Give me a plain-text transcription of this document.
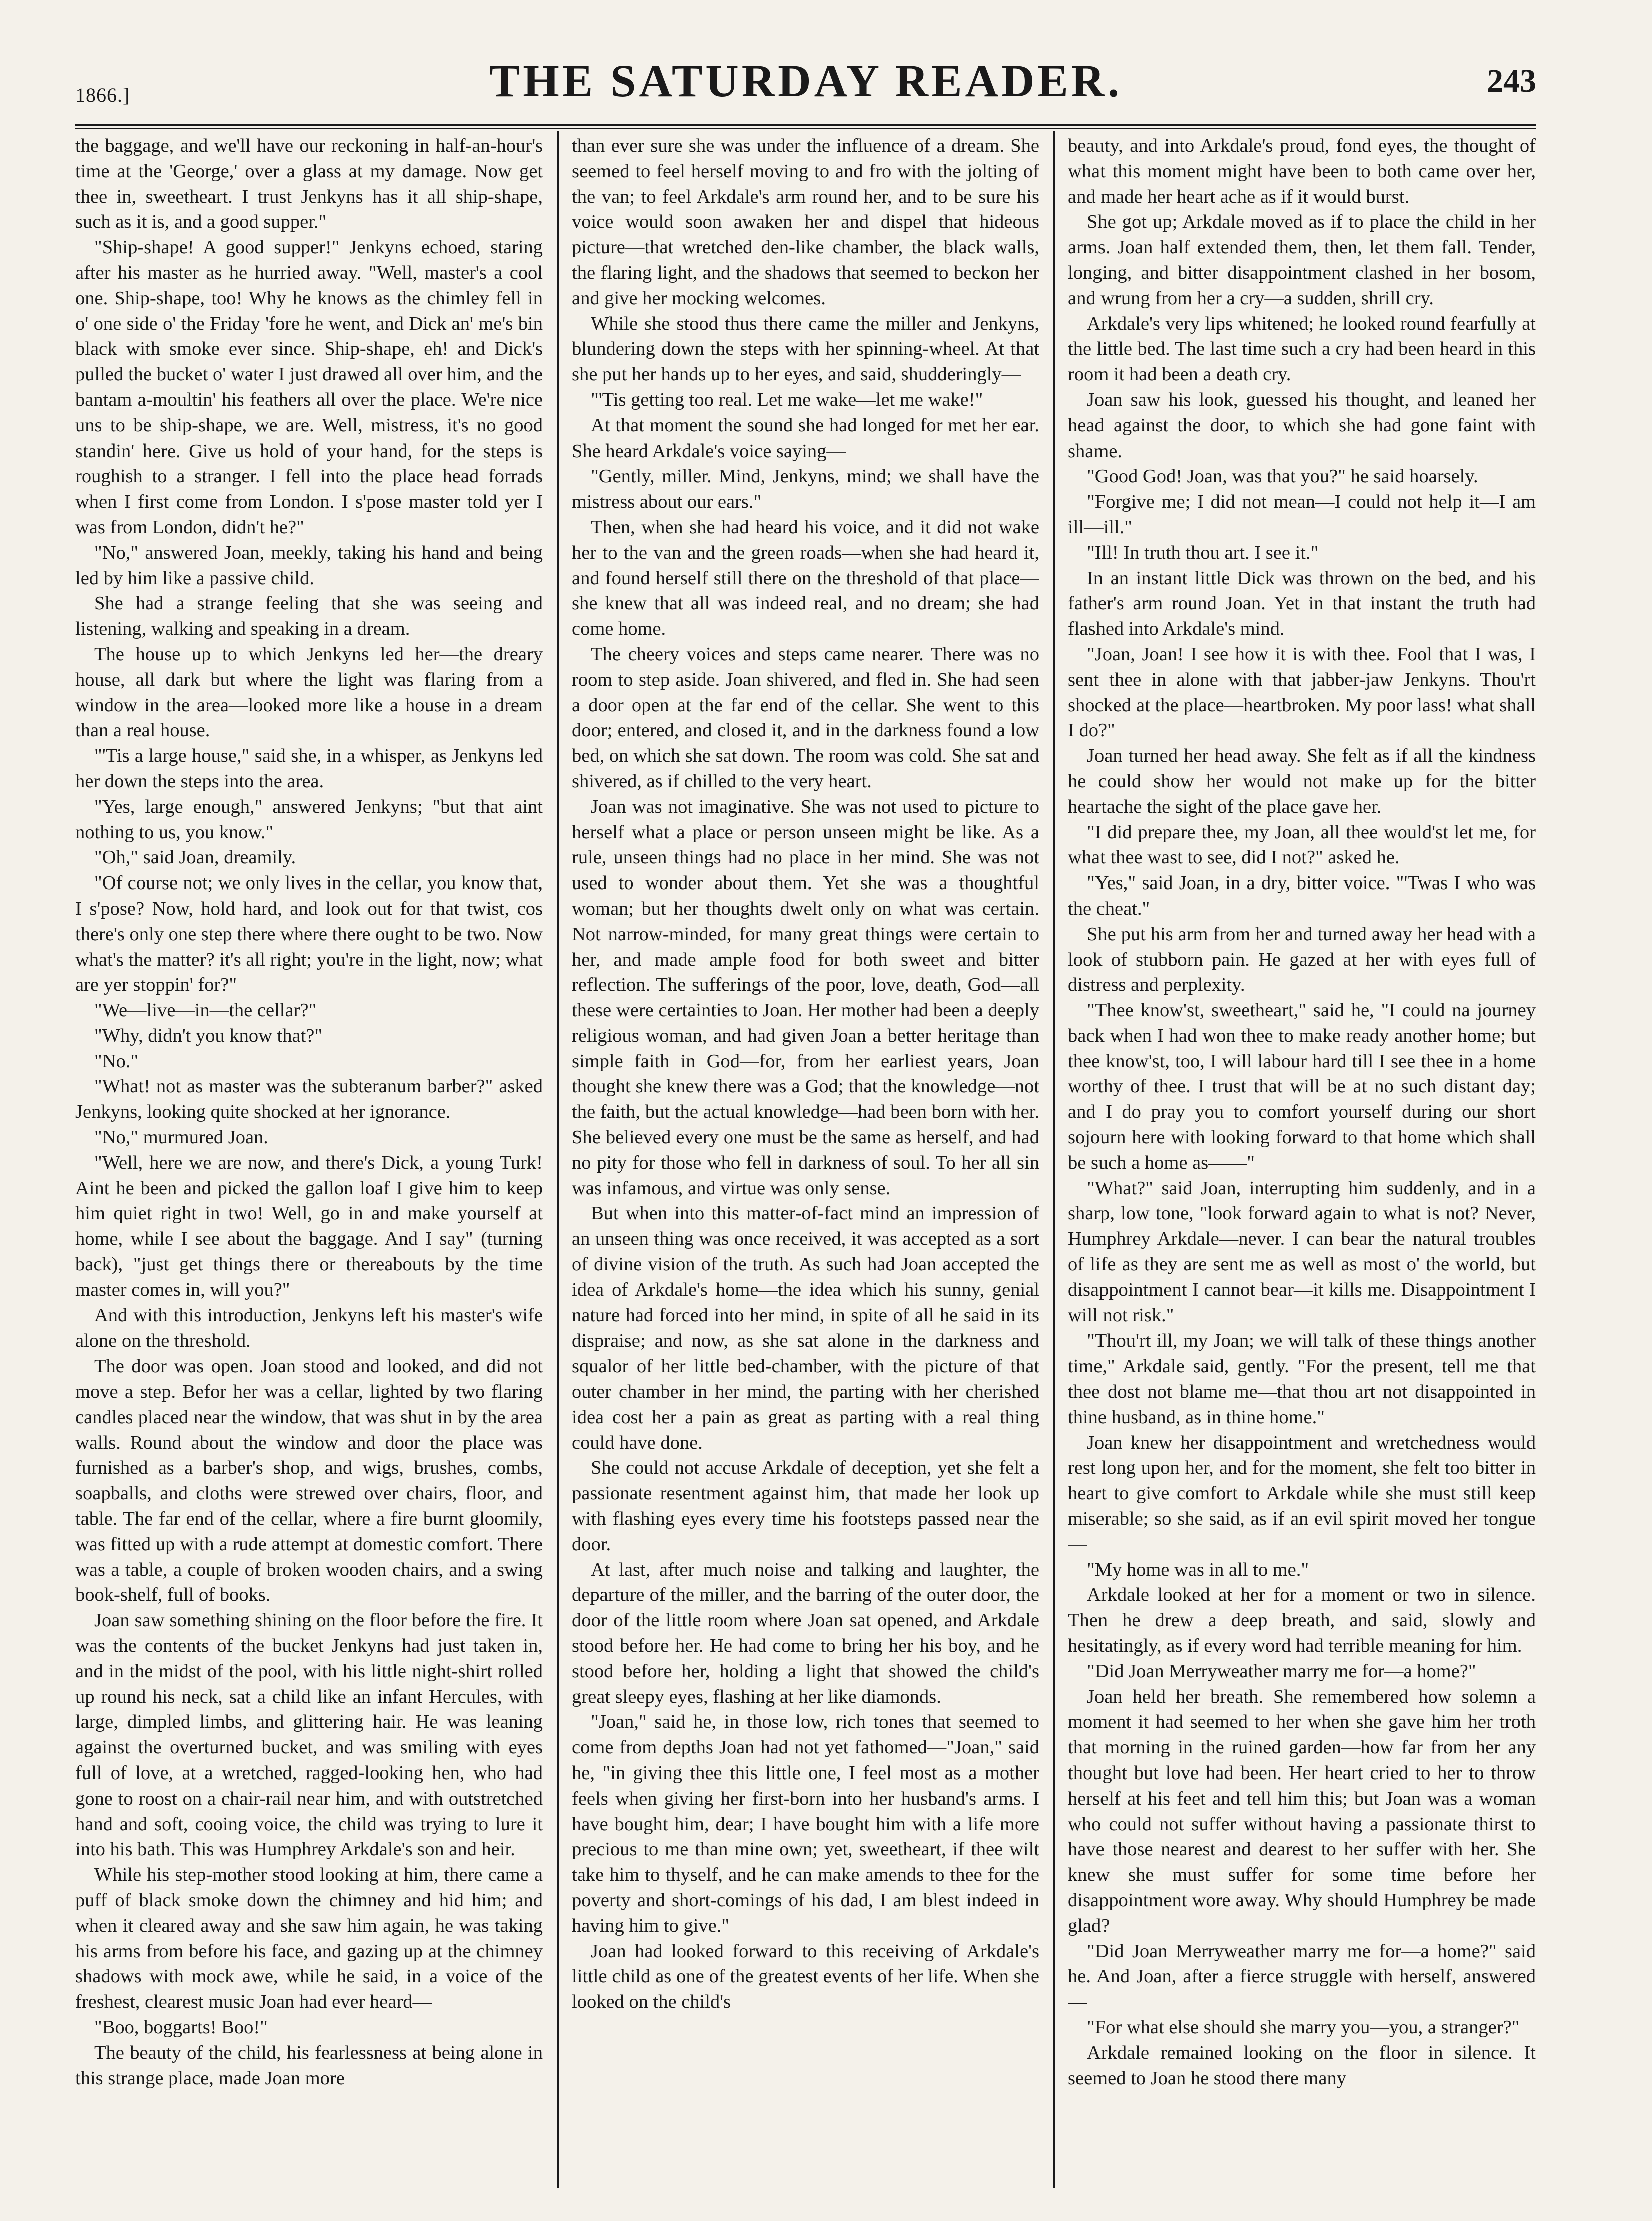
1866.]	THE SATURDAY READER.	243

the baggage, and we'll have our reckoning in half-an-hour's time at the 'George,' over a glass at my damage. Now get thee in, sweetheart. I trust Jenkyns has it all ship-shape, such as it is, and a good supper."

"Ship-shape! A good supper!" Jenkyns echoed, staring after his master as he hurried away. "Well, master's a cool one. Ship-shape, too! Why he knows as the chimley fell in o' one side o' the Friday 'fore he went, and Dick an' me's bin black with smoke ever since. Ship-shape, eh! and Dick's pulled the bucket o' water I just drawed all over him, and the bantam a-moultin' his feathers all over the place. We're nice uns to be ship-shape, we are. Well, mistress, it's no good standin' here. Give us hold of your hand, for the steps is roughish to a stranger. I fell into the place head forrads when I first come from London. I s'pose master told yer I was from London, didn't he?"

"No," answered Joan, meekly, taking his hand and being led by him like a passive child.

She had a strange feeling that she was seeing and listening, walking and speaking in a dream.

The house up to which Jenkyns led her—the dreary house, all dark but where the light was flaring from a window in the area—looked more like a house in a dream than a real house.

"'Tis a large house," said she, in a whisper, as Jenkyns led her down the steps into the area.

"Yes, large enough," answered Jenkyns; "but that aint nothing to us, you know."

"Oh," said Joan, dreamily.

"Of course not; we only lives in the cellar, you know that, I s'pose? Now, hold hard, and look out for that twist, cos there's only one step there where there ought to be two. Now what's the matter? it's all right; you're in the light, now; what are yer stoppin' for?"

"We—live—in—the cellar?"

"Why, didn't you know that?"

"No."

"What! not as master was the subteranum barber?" asked Jenkyns, looking quite shocked at her ignorance.

"No," murmured Joan.

"Well, here we are now, and there's Dick, a young Turk! Aint he been and picked the gallon loaf I give him to keep him quiet right in two! Well, go in and make yourself at home, while I see about the baggage. And I say" (turning back), "just get things there or thereabouts by the time master comes in, will you?"

And with this introduction, Jenkyns left his master's wife alone on the threshold.

The door was open. Joan stood and looked, and did not move a step. Befor her was a cellar, lighted by two flaring candles placed near the window, that was shut in by the area walls. Round about the window and door the place was furnished as a barber's shop, and wigs, brushes, combs, soapballs, and cloths were strewed over chairs, floor, and table. The far end of the cellar, where a fire burnt gloomily, was fitted up with a rude attempt at domestic comfort. There was a table, a couple of broken wooden chairs, and a swing book-shelf, full of books.

Joan saw something shining on the floor before the fire. It was the contents of the bucket Jenkyns had just taken in, and in the midst of the pool, with his little night-shirt rolled up round his neck, sat a child like an infant Hercules, with large, dimpled limbs, and glittering hair. He was leaning against the overturned bucket, and was smiling with eyes full of love, at a wretched, ragged-looking hen, who had gone to roost on a chair-rail near him, and with outstretched hand and soft, cooing voice, the child was trying to lure it into his bath. This was Humphrey Arkdale's son and heir.

While his step-mother stood looking at him, there came a puff of black smoke down the chimney and hid him; and when it cleared away and she saw him again, he was taking his arms from before his face, and gazing up at the chimney shadows with mock awe, while he said, in a voice of the freshest, clearest music Joan had ever heard—

"Boo, boggarts! Boo!"

The beauty of the child, his fearlessness at being alone in this strange place, made Joan more

than ever sure she was under the influence of a dream. She seemed to feel herself moving to and fro with the jolting of the van; to feel Arkdale's arm round her, and to be sure his voice would soon awaken her and dispel that hideous picture—that wretched den-like chamber, the black walls, the flaring light, and the shadows that seemed to beckon her and give her mocking welcomes.

While she stood thus there came the miller and Jenkyns, blundering down the steps with her spinning-wheel. At that she put her hands up to her eyes, and said, shudderingly—

"'Tis getting too real. Let me wake—let me wake!"

At that moment the sound she had longed for met her ear. She heard Arkdale's voice saying—

"Gently, miller. Mind, Jenkyns, mind; we shall have the mistress about our ears."

Then, when she had heard his voice, and it did not wake her to the van and the green roads—when she had heard it, and found herself still there on the threshold of that place—she knew that all was indeed real, and no dream; she had come home.

The cheery voices and steps came nearer. There was no room to step aside. Joan shivered, and fled in. She had seen a door open at the far end of the cellar. She went to this door; entered, and closed it, and in the darkness found a low bed, on which she sat down. The room was cold. She sat and shivered, as if chilled to the very heart.

Joan was not imaginative. She was not used to picture to herself what a place or person unseen might be like. As a rule, unseen things had no place in her mind. She was not used to wonder about them. Yet she was a thoughtful woman; but her thoughts dwelt only on what was certain. Not narrow-minded, for many great things were certain to her, and made ample food for both sweet and bitter reflection. The sufferings of the poor, love, death, God—all these were certainties to Joan. Her mother had been a deeply religious woman, and had given Joan a better heritage than simple faith in God—for, from her earliest years, Joan thought she knew there was a God; that the knowledge—not the faith, but the actual knowledge—had been born with her. She believed every one must be the same as herself, and had no pity for those who fell in darkness of soul. To her all sin was infamous, and virtue was only sense.

But when into this matter-of-fact mind an impression of an unseen thing was once received, it was accepted as a sort of divine vision of the truth. As such had Joan accepted the idea of Arkdale's home—the idea which his sunny, genial nature had forced into her mind, in spite of all he said in its dispraise; and now, as she sat alone in the darkness and squalor of her little bed-chamber, with the picture of that outer chamber in her mind, the parting with her cherished idea cost her a pain as great as parting with a real thing could have done.

She could not accuse Arkdale of deception, yet she felt a passionate resentment against him, that made her look up with flashing eyes every time his footsteps passed near the door.

At last, after much noise and talking and laughter, the departure of the miller, and the barring of the outer door, the door of the little room where Joan sat opened, and Arkdale stood before her. He had come to bring her his boy, and he stood before her, holding a light that showed the child's great sleepy eyes, flashing at her like diamonds.

"Joan," said he, in those low, rich tones that seemed to come from depths Joan had not yet fathomed—"Joan," said he, "in giving thee this little one, I feel most as a mother feels when giving her first-born into her husband's arms. I have bought him, dear; I have bought him with a life more precious to me than mine own; yet, sweetheart, if thee wilt take him to thyself, and he can make amends to thee for the poverty and short-comings of his dad, I am blest indeed in having him to give."

Joan had looked forward to this receiving of Arkdale's little child as one of the greatest events of her life. When she looked on the child's

beauty, and into Arkdale's proud, fond eyes, the thought of what this moment might have been to both came over her, and made her heart ache as if it would burst.

She got up; Arkdale moved as if to place the child in her arms. Joan half extended them, then, let them fall. Tender, longing, and bitter disappointment clashed in her bosom, and wrung from her a cry—a sudden, shrill cry.

Arkdale's very lips whitened; he looked round fearfully at the little bed. The last time such a cry had been heard in this room it had been a death cry.

Joan saw his look, guessed his thought, and leaned her head against the door, to which she had gone faint with shame.

"Good God! Joan, was that you?" he said hoarsely.

"Forgive me; I did not mean—I could not help it—I am ill—ill."

"Ill! In truth thou art. I see it."

In an instant little Dick was thrown on the bed, and his father's arm round Joan. Yet in that instant the truth had flashed into Arkdale's mind.

"Joan, Joan! I see how it is with thee. Fool that I was, I sent thee in alone with that jabber-jaw Jenkyns. Thou'rt shocked at the place—heartbroken. My poor lass! what shall I do?"

Joan turned her head away. She felt as if all the kindness he could show her would not make up for the bitter heartache the sight of the place gave her.

"I did prepare thee, my Joan, all thee would'st let me, for what thee wast to see, did I not?" asked he.

"Yes," said Joan, in a dry, bitter voice. "'Twas I who was the cheat."

She put his arm from her and turned away her head with a look of stubborn pain. He gazed at her with eyes full of distress and perplexity.

"Thee know'st, sweetheart," said he, "I could na journey back when I had won thee to make ready another home; but thee know'st, too, I will labour hard till I see thee in a home worthy of thee. I trust that will be at no such distant day; and I do pray you to comfort yourself during our short sojourn here with looking forward to that home which shall be such a home as——"

"What?" said Joan, interrupting him suddenly, and in a sharp, low tone, "look forward again to what is not? Never, Humphrey Arkdale—never. I can bear the natural troubles of life as they are sent me as well as most o' the world, but disappointment I cannot bear—it kills me. Disappointment I will not risk."

"Thou'rt ill, my Joan; we will talk of these things another time," Arkdale said, gently. "For the present, tell me that thee dost not blame me—that thou art not disappointed in thine husband, as in thine home."

Joan knew her disappointment and wretchedness would rest long upon her, and for the moment, she felt too bitter in heart to give comfort to Arkdale while she must still keep miserable; so she said, as if an evil spirit moved her tongue—

"My home was in all to me."

Arkdale looked at her for a moment or two in silence. Then he drew a deep breath, and said, slowly and hesitatingly, as if every word had terrible meaning for him.

"Did Joan Merryweather marry me for—a home?"

Joan held her breath. She remembered how solemn a moment it had seemed to her when she gave him her troth that morning in the ruined garden—how far from her any thought but love had been. Her heart cried to her to throw herself at his feet and tell him this; but Joan was a woman who could not suffer without having a passionate thirst to have those nearest and dearest to her suffer with her. She knew she must suffer for some time before her disappointment wore away. Why should Humphrey be made glad?

"Did Joan Merryweather marry me for—a home?" said he. And Joan, after a fierce struggle with herself, answered—

"For what else should she marry you—you, a stranger?"

Arkdale remained looking on the floor in silence. It seemed to Joan he stood there many
